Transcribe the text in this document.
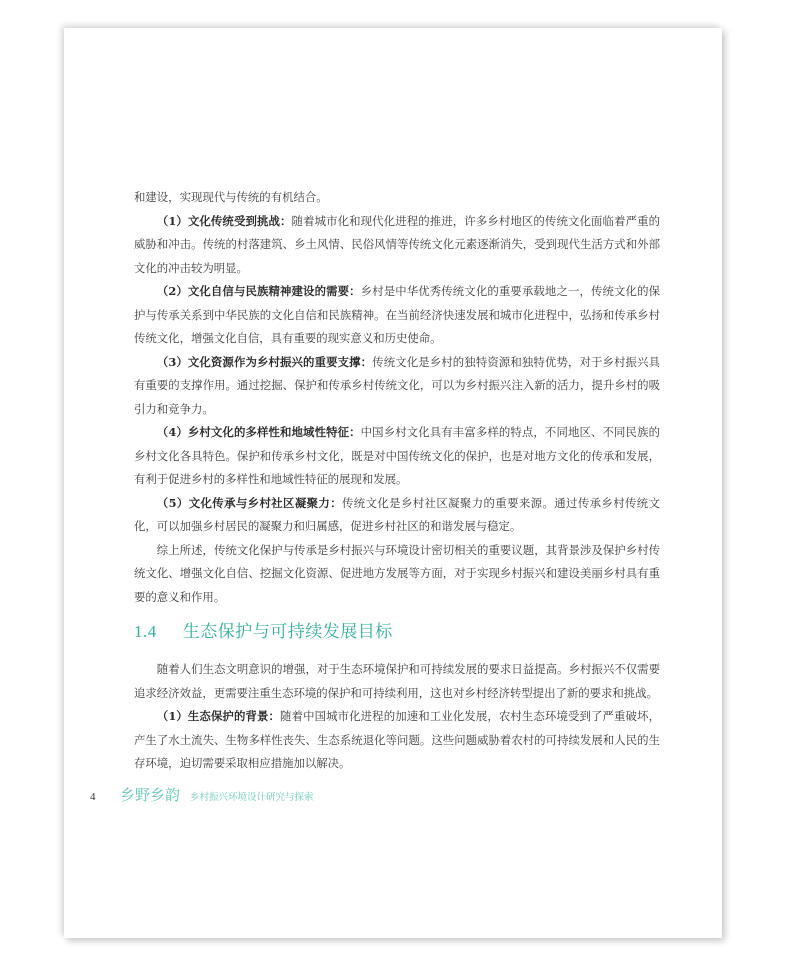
和建设，实现现代与传统的有机结合。

（1）文化传统受到挑战：随着城市化和现代化进程的推进，许多乡村地区的传统文化面临着严重的威胁和冲击。传统的村落建筑、乡土风情、民俗风情等传统文化元素逐渐消失，受到现代生活方式和外部文化的冲击较为明显。

（2）文化自信与民族精神建设的需要：乡村是中华优秀传统文化的重要承载地之一，传统文化的保护与传承关系到中华民族的文化自信和民族精神。在当前经济快速发展和城市化进程中，弘扬和传承乡村传统文化，增强文化自信，具有重要的现实意义和历史使命。

（3）文化资源作为乡村振兴的重要支撑：传统文化是乡村的独特资源和独特优势，对于乡村振兴具有重要的支撑作用。通过挖掘、保护和传承乡村传统文化，可以为乡村振兴注入新的活力，提升乡村的吸引力和竞争力。

（4）乡村文化的多样性和地域性特征：中国乡村文化具有丰富多样的特点，不同地区、不同民族的乡村文化各具特色。保护和传承乡村文化，既是对中国传统文化的保护，也是对地方文化的传承和发展，有利于促进乡村的多样性和地域性特征的展现和发展。

（5）文化传承与乡村社区凝聚力：传统文化是乡村社区凝聚力的重要来源。通过传承乡村传统文化，可以加强乡村居民的凝聚力和归属感，促进乡村社区的和谐发展与稳定。

综上所述，传统文化保护与传承是乡村振兴与环境设计密切相关的重要议题，其背景涉及保护乡村传统文化、增强文化自信、挖掘文化资源、促进地方发展等方面，对于实现乡村振兴和建设美丽乡村具有重要的意义和作用。

1.4 生态保护与可持续发展目标

随着人们生态文明意识的增强，对于生态环境保护和可持续发展的要求日益提高。乡村振兴不仅需要追求经济效益，更需要注重生态环境的保护和可持续利用，这也对乡村经济转型提出了新的要求和挑战。

（1）生态保护的背景：随着中国城市化进程的加速和工业化发展，农村生态环境受到了严重破坏，产生了水土流失、生物多样性丧失、生态系统退化等问题。这些问题威胁着农村的可持续发展和人民的生存环境，迫切需要采取相应措施加以解决。

4	乡野乡韵 乡村振兴环境设计研究与探索
